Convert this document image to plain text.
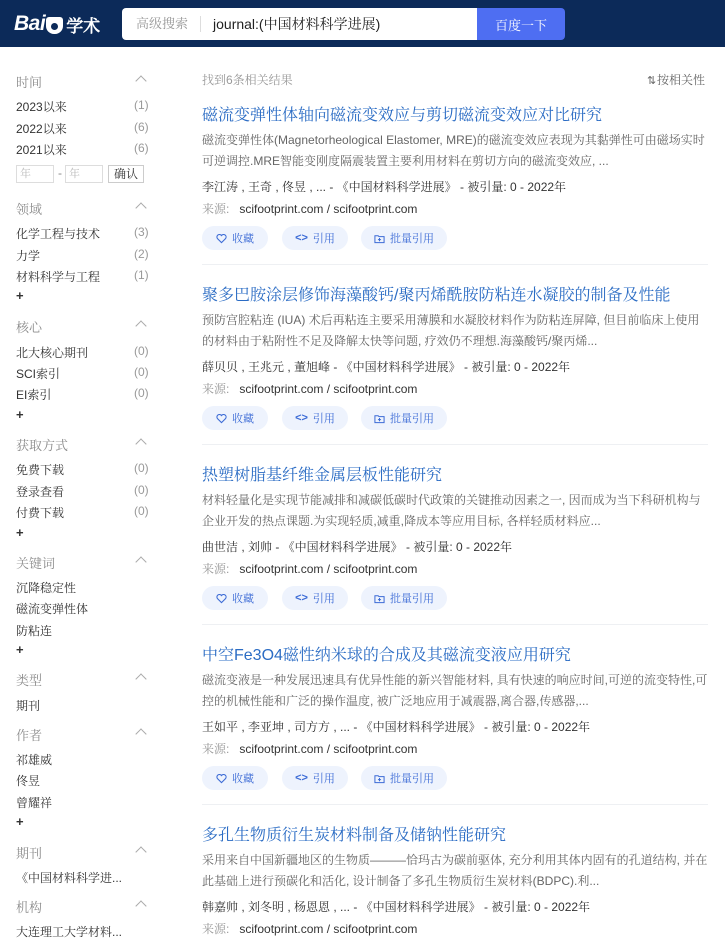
Bai 学术	高级搜索	journal:(中国材料科学进展)	百度一下
时间
2023以来	(1)
2022以来	(6)
2021以来	(6)
年	- 年	确认
领域
化学工程与技术	(3)
力学	(2)
材料科学与工程	(1)
+
核心
北大核心期刊	(0)
SCI索引	(0)
EI索引	(0)
+
获取方式
免费下载	(0)
登录查看	(0)
付费下载	(0)
+
关键词
沉降稳定性
磁流变弹性体
防粘连
+
类型
期刊
作者
祁雄威
佟昱
曾耀祥
+
期刊
《中国材料科学进...
机构
大连理工大学材料...
找到6条相关结果	⇅按相关性
磁流变弹性体轴向磁流变效应与剪切磁流变效应对比研究
磁流变弹性体(Magnetorheological Elastomer, MRE)的磁流变效应表现为其黏弹性可由磁场实时可逆调控.MRE智能变刚度隔震装置主要利用材料在剪切方向的磁流变效应, ...
李江涛 , 王奇 , 佟昱 , ... - 《中国材料科学进展》 - 被引量: 0 - 2022年
来源: scifootprint.com / scifootprint.com
收藏	<> 引用	批量引用
聚多巴胺涂层修饰海藻酸钙/聚丙烯酰胺防粘连水凝胶的制备及性能
预防宫腔粘连 (IUA) 术后再粘连主要采用薄膜和水凝胶材料作为防粘连屏障, 但目前临床上使用的材料由于粘附性不足及降解太快等问题, 疗效仍不理想.海藻酸钙/聚丙烯...
薛贝贝 , 王兆元 , 董旭峰 - 《中国材料科学进展》 - 被引量: 0 - 2022年
来源: scifootprint.com / scifootprint.com
收藏	<> 引用	批量引用
热塑树脂基纤维金属层板性能研究
材料轻量化是实现节能减排和减碳低碳时代政策的关键推动因素之一, 因而成为当下科研机构与企业开发的热点课题.为实现轻质,减重,降成本等应用目标, 各样轻质材料应...
曲世洁 , 刘帅 - 《中国材料科学进展》 - 被引量: 0 - 2022年
来源: scifootprint.com / scifootprint.com
收藏	<> 引用	批量引用
中空Fe3O4磁性纳米球的合成及其磁流变液应用研究
磁流变液是一种发展迅速具有优异性能的新兴智能材料, 具有快速的响应时间,可逆的流变特性,可控的机械性能和广泛的操作温度, 被广泛地应用于减震器,离合器,传感器,...
王如平 , 李亚坤 , 司方方 , ... - 《中国材料科学进展》 - 被引量: 0 - 2022年
来源: scifootprint.com / scifootprint.com
收藏	<> 引用	批量引用
多孔生物质衍生炭材料制备及储钠性能研究
采用来自中国新疆地区的生物质———恰玛古为碳前驱体, 充分利用其体内固有的孔道结构, 并在此基础上进行预碳化和活化, 设计制备了多孔生物质衍生炭材料(BDPC).利...
韩嘉帅 , 刘冬明 , 杨恩恩 , ... - 《中国材料科学进展》 - 被引量: 0 - 2022年
来源: scifootprint.com / scifootprint.com
